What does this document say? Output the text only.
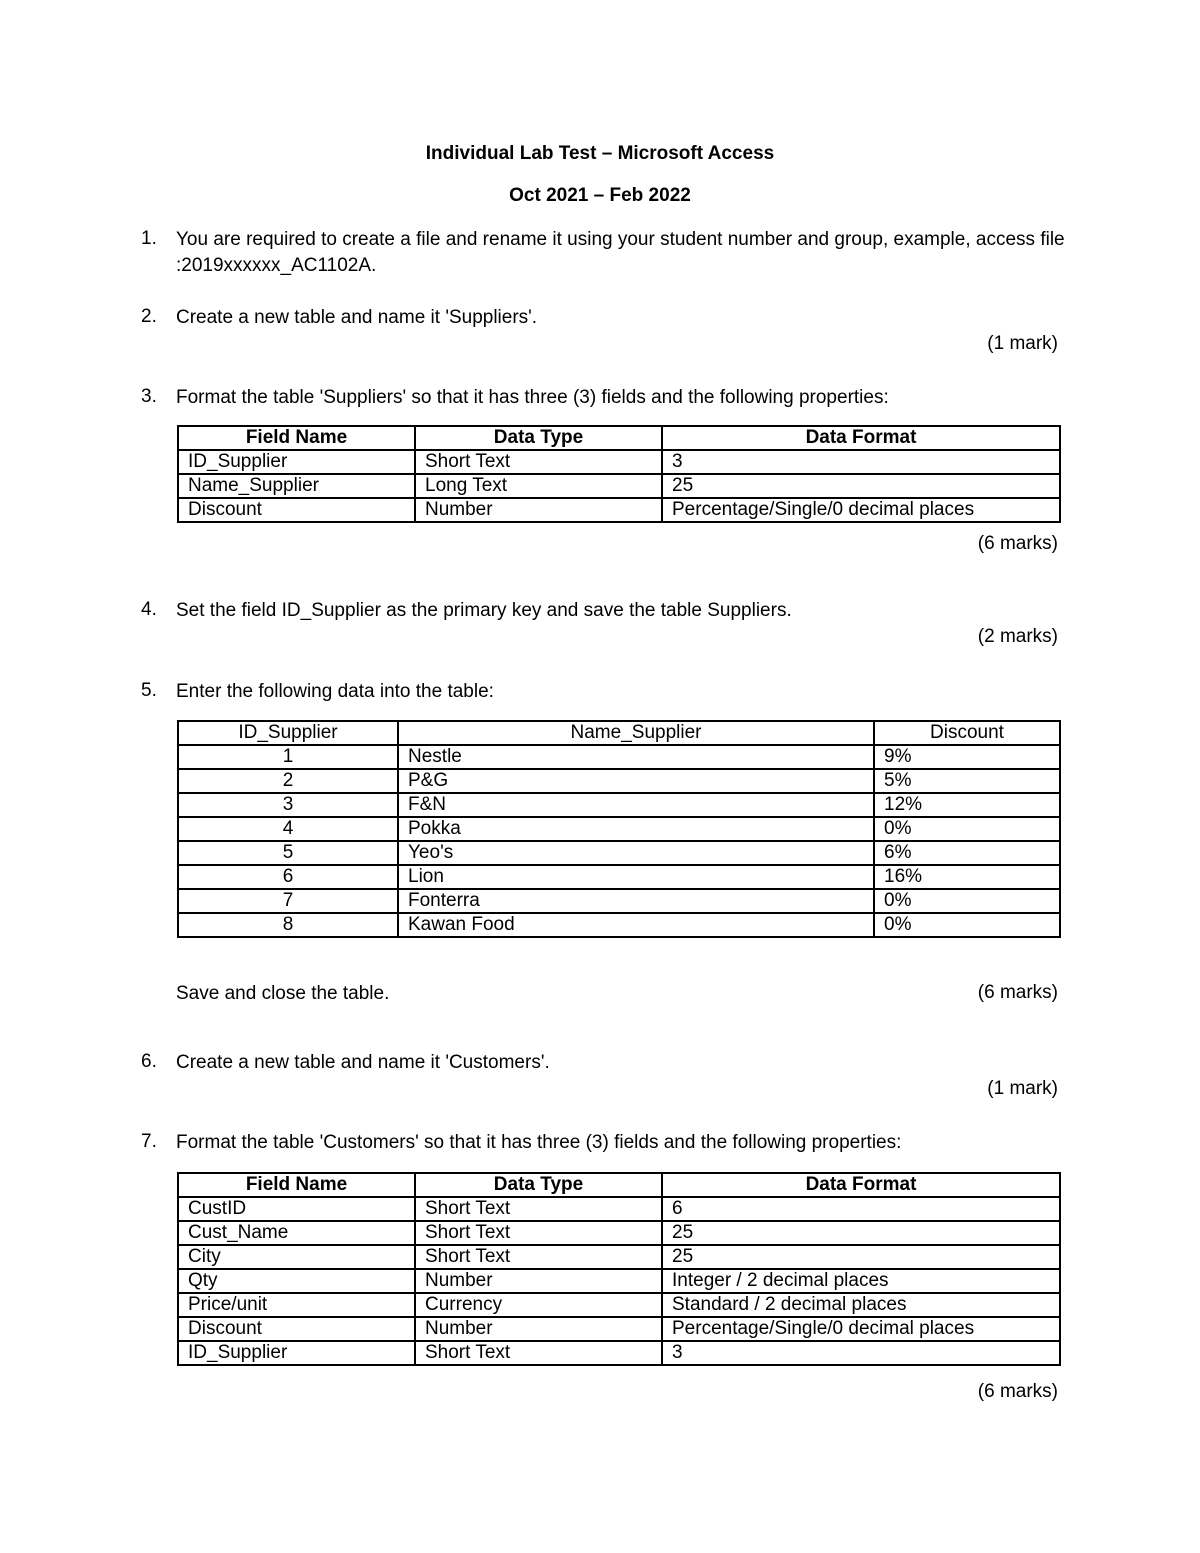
Individual Lab Test – Microsoft Access
Oct 2021 – Feb 2022
1. You are required to create a file and rename it using your student number and group, example, access file :2019xxxxxx_AC1102A.
2. Create a new table and name it 'Suppliers'.
(1 mark)
3. Format the table 'Suppliers' so that it has three (3) fields and the following properties:
Field Name	Data Type	Data Format
ID_Supplier	Short Text	3
Name_Supplier	Long Text	25
Discount	Number	Percentage/Single/0 decimal places
(6 marks)
4. Set the field ID_Supplier as the primary key and save the table Suppliers.
(2 marks)
5. Enter the following data into the table:
ID_Supplier	Name_Supplier	Discount
1	Nestle	9%
2	P&G	5%
3	F&N	12%
4	Pokka	0%
5	Yeo's	6%
6	Lion	16%
7	Fonterra	0%
8	Kawan Food	0%
Save and close the table.	(6 marks)
6. Create a new table and name it 'Customers'.
(1 mark)
7. Format the table 'Customers' so that it has three (3) fields and the following properties:
Field Name	Data Type	Data Format
CustID	Short Text	6
Cust_Name	Short Text	25
City	Short Text	25
Qty	Number	Integer / 2 decimal places
Price/unit	Currency	Standard / 2 decimal places
Discount	Number	Percentage/Single/0 decimal places
ID_Supplier	Short Text	3
(6 marks)
